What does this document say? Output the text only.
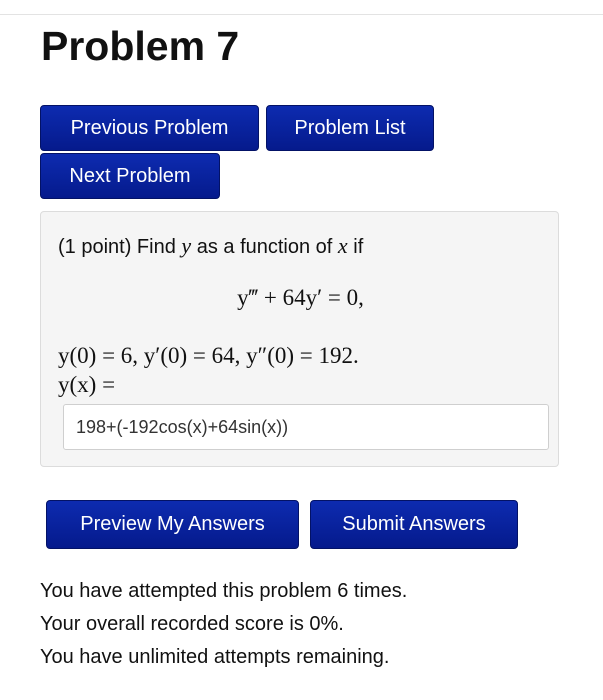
Problem 7
Previous Problem	Problem List
Next Problem
(1 point) Find y as a function of x if
y‴ + 64y′ = 0,
y(0) = 6, y′(0) = 64, y″(0) = 192.
y(x) =
198+(-192cos(x)+64sin(x))
Preview My Answers	Submit Answers

You have attempted this problem 6 times.

Your overall recorded score is 0%.

You have unlimited attempts remaining.
